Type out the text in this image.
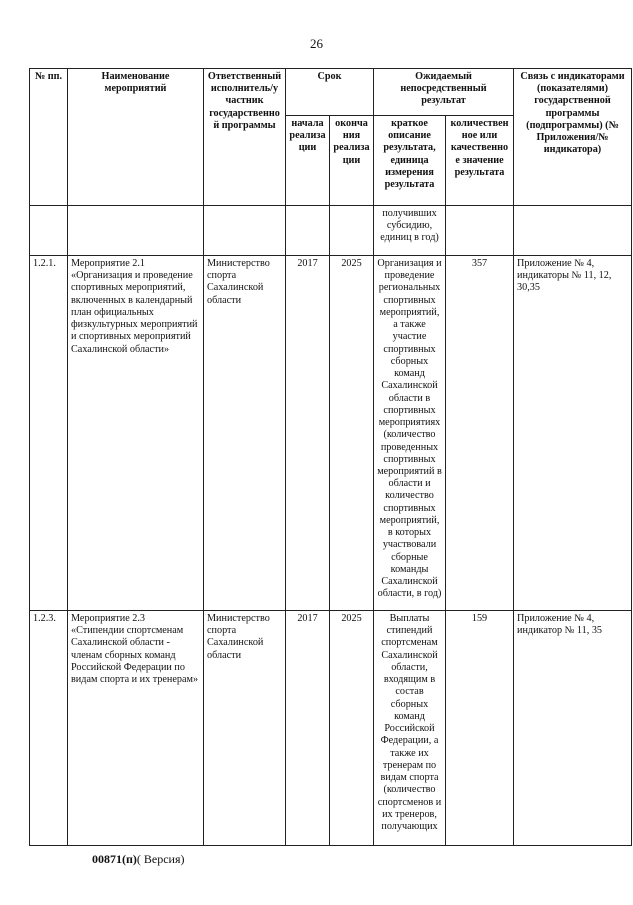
26
№ пп.	Наименование мероприятий	Ответственный исполнитель/у частник государственно й программы	Срок		Ожидаемый непосредственный результат		Связь с индикаторами (показателями) государственной программы (подпрограммы) (№ Приложения/№ индикатора)
			начала реализа ции	оконча ния реализа ции	краткое описание результата, единица измерения результата	количествен ное или качественно е значение результата	
					получивших субсидию, единиц в год)		
1.2.1.	Мероприятие 2.1 «Организация и проведение спортивных мероприятий, включенных в календарный план официальных физкультурных мероприятий и спортивных мероприятий Сахалинской области»	Министерство спорта Сахалинской области	2017	2025	Организация и проведение региональных спортивных мероприятий, а также участие спортивных сборных команд Сахалинской области в спортивных мероприятиях (количество проведенных спортивных мероприятий в области и количество спортивных мероприятий, в которых участвовали сборные команды Сахалинской области, в год)	357	Приложение № 4, индикаторы № 11, 12, 30,35
1.2.3.	Мероприятие 2.3 «Стипендии спортсменам Сахалинской области - членам сборных команд Российской Федерации по видам спорта и их тренерам»	Министерство спорта Сахалинской области	2017	2025	Выплаты стипендий спортсменам Сахалинской области, входящим в состав сборных команд Российской Федерации, а также их тренерам по видам спорта (количество спортсменов и их тренеров, получающих	159	Приложение № 4, индикатор № 11, 35
00871(п)( Версия)
